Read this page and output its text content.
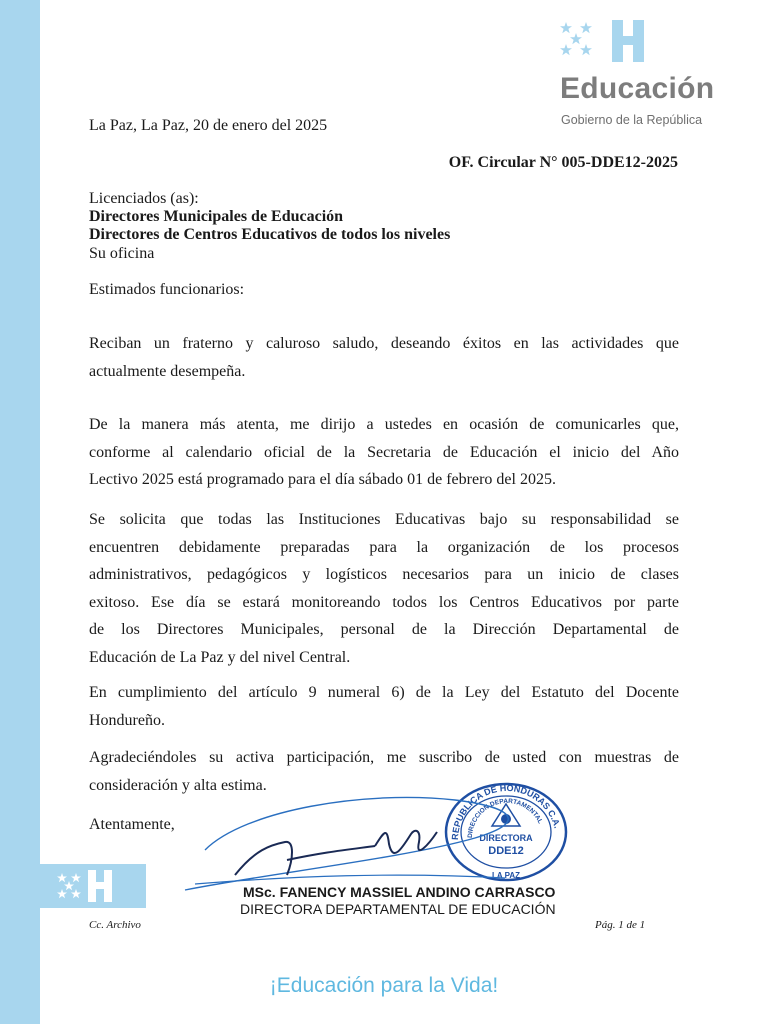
Educación
Gobierno de la República
La Paz, La Paz, 20 de enero del 2025
OF. Circular N° 005-DDE12-2025
Licenciados (as):
Directores Municipales de Educación
Directores de Centros Educativos de todos los niveles
Su oficina
Estimados funcionarios:
Reciban un fraterno y caluroso saludo, deseando éxitos en las actividades que
actualmente desempeña.
De la manera más atenta, me dirijo a ustedes en ocasión de comunicarles que,
conforme al calendario oficial de la Secretaria de Educación el inicio del Año
Lectivo 2025 está programado para el día sábado 01 de febrero del 2025.
Se solicita que todas las Instituciones Educativas bajo su responsabilidad se
encuentren debidamente preparadas para la organización de los procesos
administrativos, pedagógicos y logísticos necesarios para un inicio de clases
exitoso. Ese día se estará monitoreando todos los Centros Educativos por parte
de los Directores Municipales, personal de la Dirección Departamental de
Educación de La Paz y del nivel Central.
En cumplimiento del artículo 9 numeral 6) de la Ley del Estatuto del Docente
Hondureño.
Agradeciéndoles su activa participación, me suscribo de usted con muestras de
consideración y alta estima.
Atentamente,
REPUBLICA DE HONDURAS C.A.
DIRECCION DEPARTAMENTAL
DIRECTORA
DDE12
LA PAZ
MSc. FANENCY MASSIEL ANDINO CARRASCO
DIRECTORA DEPARTAMENTAL DE EDUCACIÓN
Cc. Archivo	Pág. 1 de 1
¡Educación para la Vida!
